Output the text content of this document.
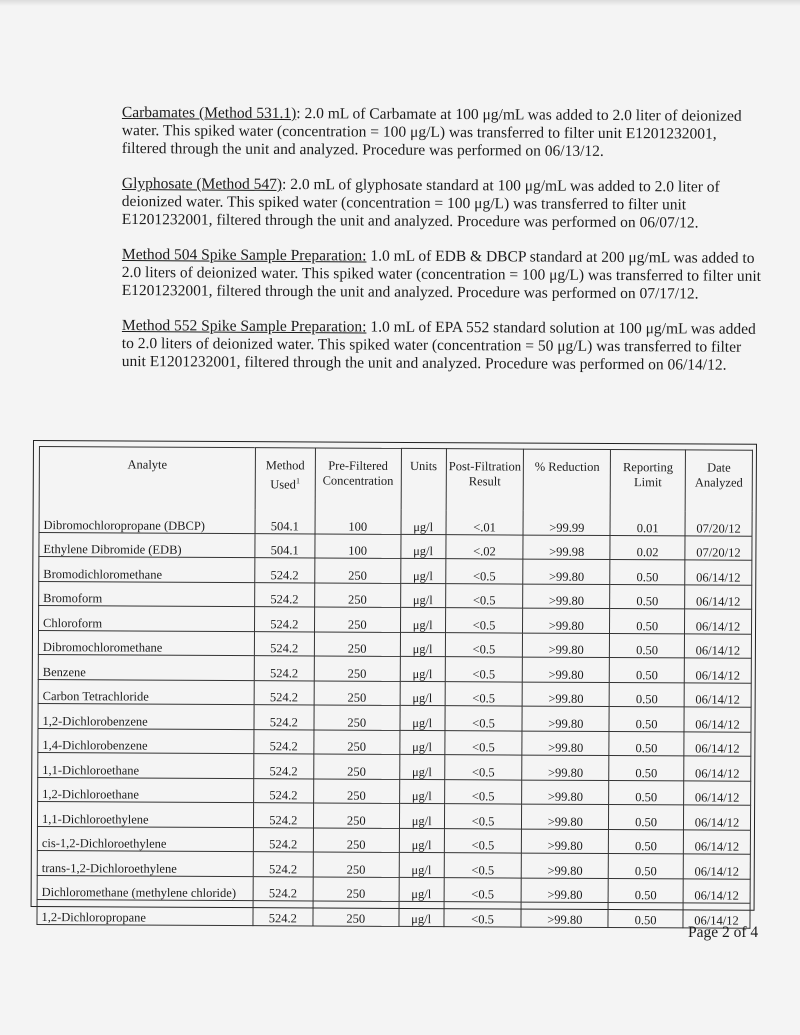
Carbamates (Method 531.1): 2.0 mL of Carbamate at 100 μg/mL was added to 2.0 liter of deionized water. This spiked water (concentration = 100 μg/L) was transferred to filter unit E1201232001, filtered through the unit and analyzed. Procedure was performed on 06/13/12.

Glyphosate (Method 547): 2.0 mL of glyphosate standard at 100 μg/mL was added to 2.0 liter of deionized water. This spiked water (concentration = 100 μg/L) was transferred to filter unit E1201232001, filtered through the unit and analyzed. Procedure was performed on 06/07/12.

Method 504 Spike Sample Preparation: 1.0 mL of EDB & DBCP standard at 200 μg/mL was added to 2.0 liters of deionized water. This spiked water (concentration = 100 μg/L) was transferred to filter unit E1201232001, filtered through the unit and analyzed. Procedure was performed on 07/17/12.

Method 552 Spike Sample Preparation: 1.0 mL of EPA 552 standard solution at 100 μg/mL was added to 2.0 liters of deionized water. This spiked water (concentration = 50 μg/L) was transferred to filter unit E1201232001, filtered through the unit and analyzed. Procedure was performed on 06/14/12.

Analyte	Method Used$^1$	Pre-Filtered Concentration	Units	Post-Filtration Result	% Reduction	Reporting Limit	Date Analyzed
Dibromochloropropane (DBCP)	504.1	100	μg/l	<.01	>99.99	0.01	07/20/12
Ethylene Dibromide (EDB)	504.1	100	μg/l	<.02	>99.98	0.02	07/20/12
Bromodichloromethane	524.2	250	μg/l	<0.5	>99.80	0.50	06/14/12
Bromoform	524.2	250	μg/l	<0.5	>99.80	0.50	06/14/12
Chloroform	524.2	250	μg/l	<0.5	>99.80	0.50	06/14/12
Dibromochloromethane	524.2	250	μg/l	<0.5	>99.80	0.50	06/14/12
Benzene	524.2	250	μg/l	<0.5	>99.80	0.50	06/14/12
Carbon Tetrachloride	524.2	250	μg/l	<0.5	>99.80	0.50	06/14/12
1,2-Dichlorobenzene	524.2	250	μg/l	<0.5	>99.80	0.50	06/14/12
1,4-Dichlorobenzene	524.2	250	μg/l	<0.5	>99.80	0.50	06/14/12
1,1-Dichloroethane	524.2	250	μg/l	<0.5	>99.80	0.50	06/14/12
1,2-Dichloroethane	524.2	250	μg/l	<0.5	>99.80	0.50	06/14/12
1,1-Dichloroethylene	524.2	250	μg/l	<0.5	>99.80	0.50	06/14/12
cis-1,2-Dichloroethylene	524.2	250	μg/l	<0.5	>99.80	0.50	06/14/12
trans-1,2-Dichloroethylene	524.2	250	μg/l	<0.5	>99.80	0.50	06/14/12
Dichloromethane (methylene chloride)	524.2	250	μg/l	<0.5	>99.80	0.50	06/14/12
1,2-Dichloropropane	524.2	250	μg/l	<0.5	>99.80	0.50	06/14/12
Page 2 of 4
